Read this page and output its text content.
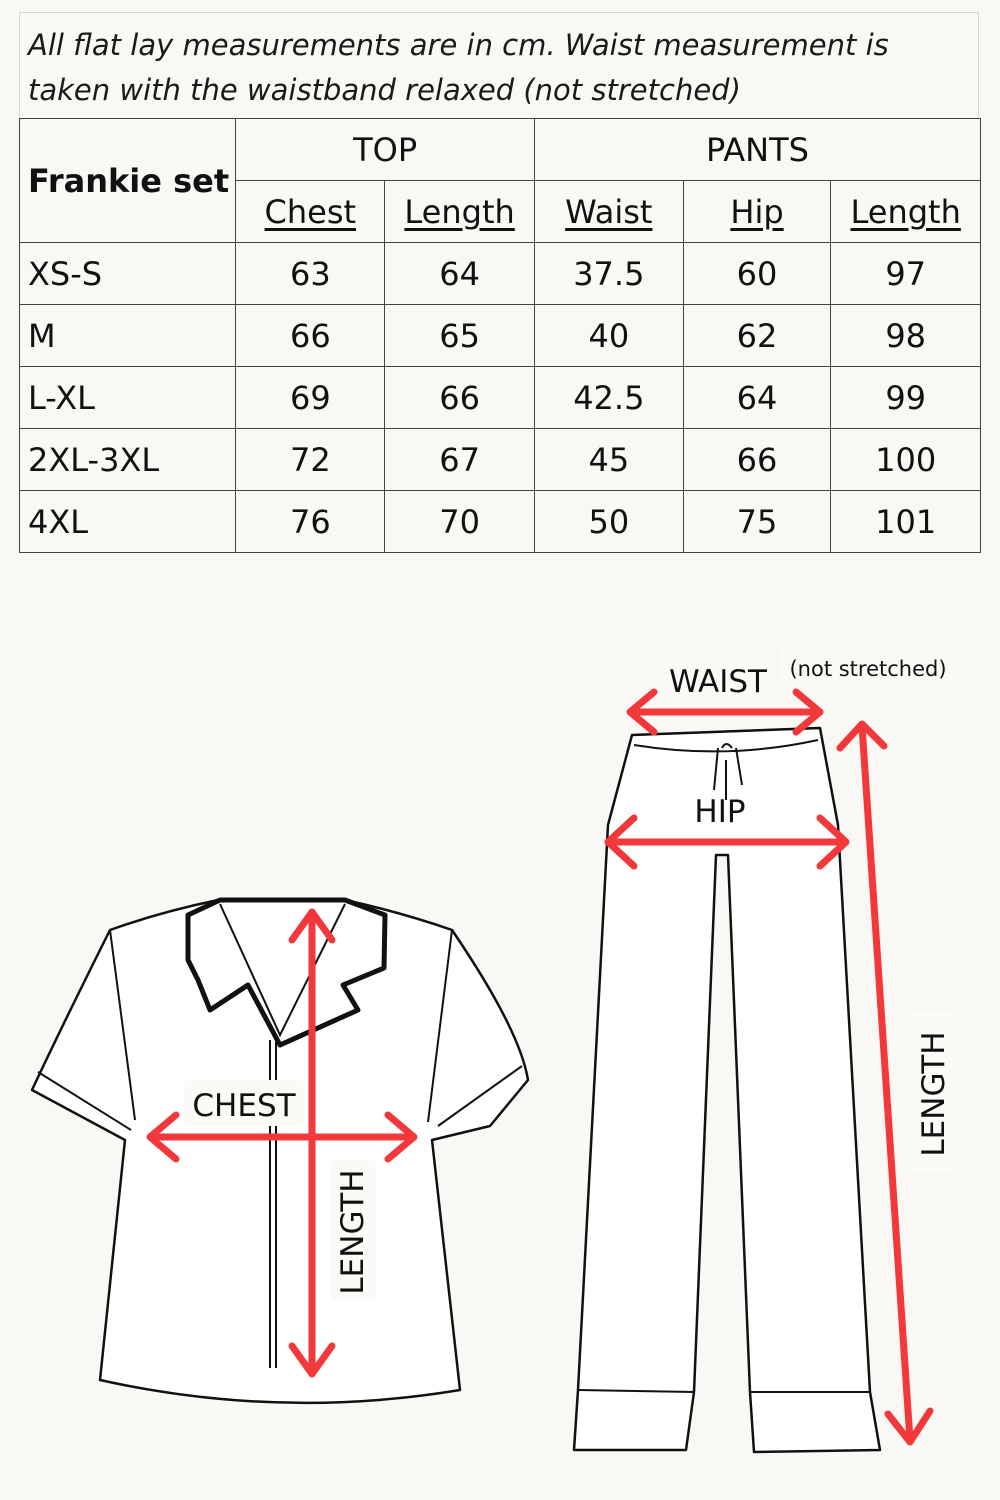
All flat lay measurements are in cm. Waist measurement is taken with the waistband relaxed (not stretched)
Frankie set	TOP		PANTS		
	Chest	Length	Waist	Hip	Length
XS-S	63	64	37.5	60	97
M	66	65	40	62	98
L-XL	69	66	42.5	64	99
2XL-3XL	72	67	45	66	100
4XL	76	70	50	75	101
CHEST
LENGTH
WAIST (not stretched)
HIP
LENGTH
